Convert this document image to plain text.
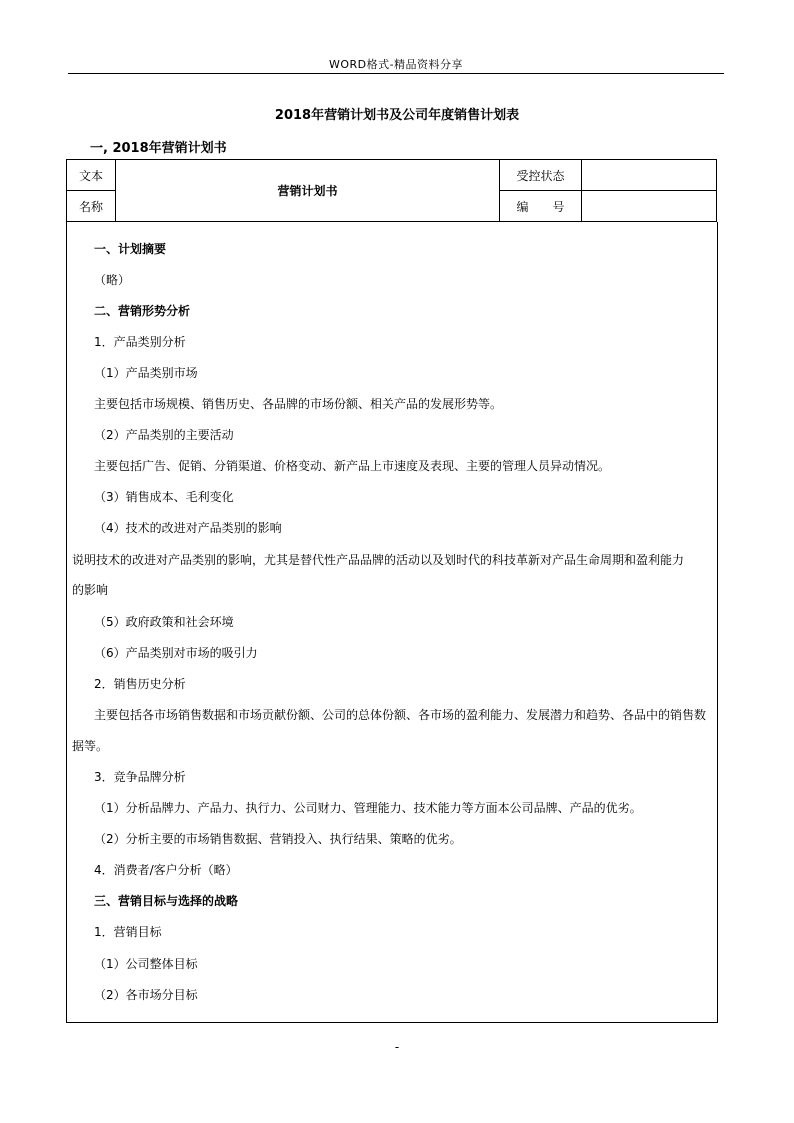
WORD格式-精品资料分享
2018年营销计划书及公司年度销售计划表
一, 2018年营销计划书
文本	营销计划书	受控状态	
名称		编　　号	
一、计划摘要
（略）
二、营销形势分析
1．产品类别分析
（1）产品类别市场
主要包括市场规模、销售历史、各品牌的市场份额、相关产品的发展形势等。
（2）产品类别的主要活动
主要包括广告、促销、分销渠道、价格变动、新产品上市速度及表现、主要的管理人员异动情况。
（3）销售成本、毛利变化
（4）技术的改进对产品类别的影响
说明技术的改进对产品类别的影响，尤其是替代性产品品牌的活动以及划时代的科技革新对产品生命周期和盈利能力
的影响
（5）政府政策和社会环境
（6）产品类别对市场的吸引力
2．销售历史分析
主要包括各市场销售数据和市场贡献份额、公司的总体份额、各市场的盈利能力、发展潜力和趋势、各品中的销售数
据等。
3．竞争品牌分析
（1）分析品牌力、产品力、执行力、公司财力、管理能力、技术能力等方面本公司品牌、产品的优劣。
（2）分析主要的市场销售数据、营销投入、执行结果、策略的优劣。
4．消费者/客户分析（略）
三、营销目标与选择的战略
1．营销目标
（1）公司整体目标
（2）各市场分目标
-
